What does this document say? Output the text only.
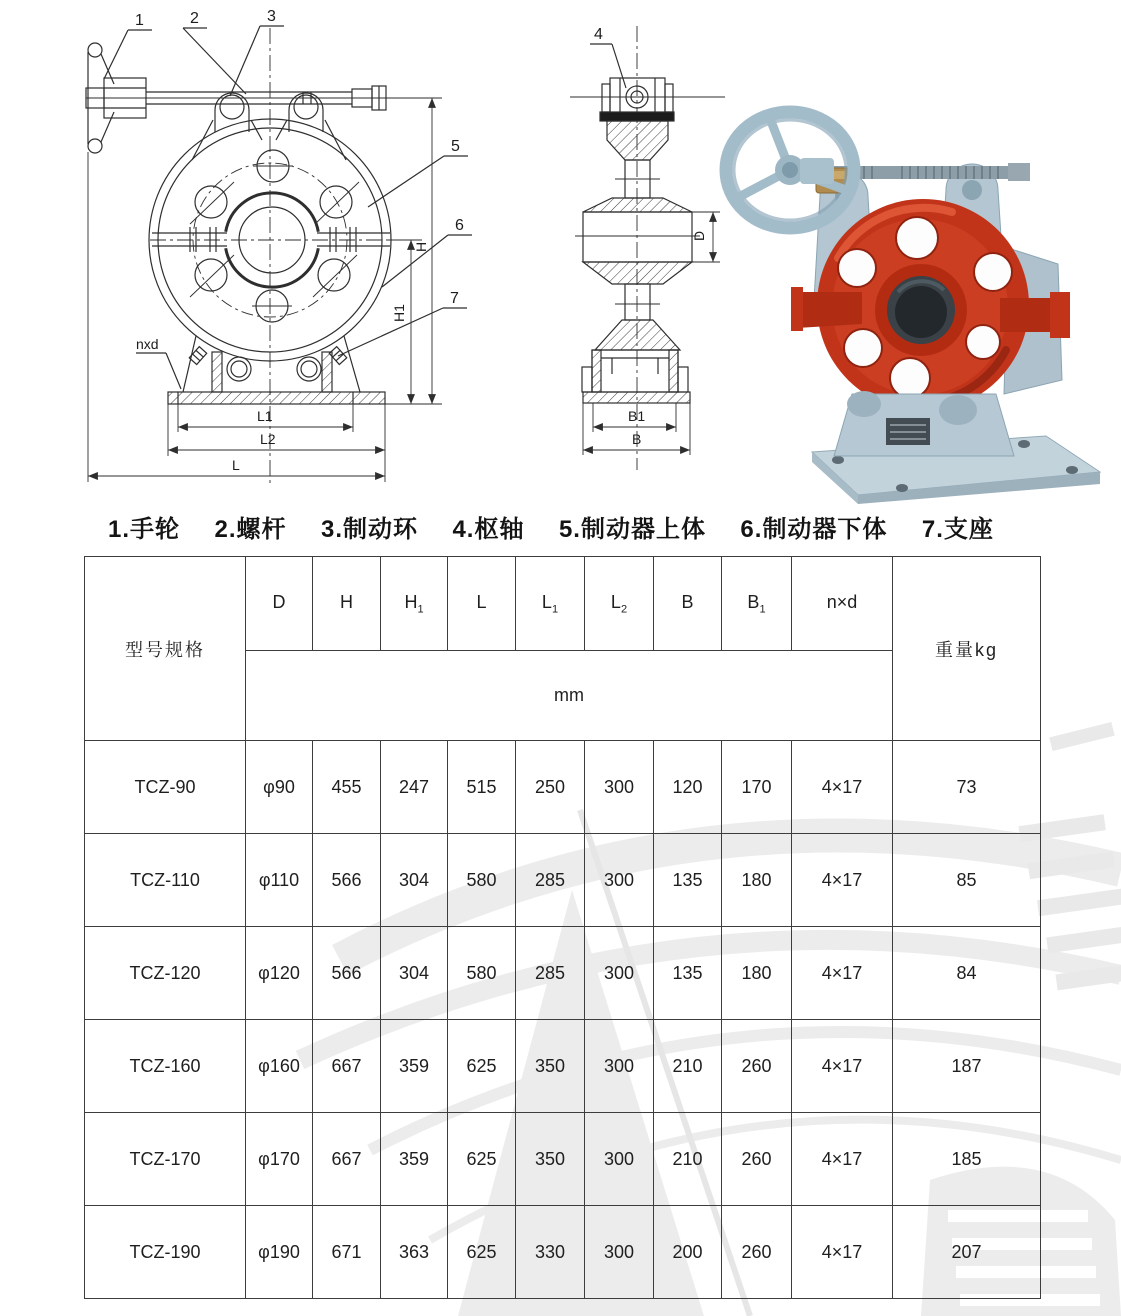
1	2	3
5
6
7
nxd
L1
L2
L
H1
H
4
D
B1
B
1.手轮 2.螺杆 3.制动环 4.枢轴 5.制动器上体 6.制动器下体 7.支座
型号规格	D	H	$H_1$	L	$L_1$	$L_2$	B	$B_1$	n×d	重量kg
	mm									
TCZ-90	φ90	455	247	515	250	300	120	170	4×17	73
TCZ-110	φ110	566	304	580	285	300	135	180	4×17	85
TCZ-120	φ120	566	304	580	285	300	135	180	4×17	84
TCZ-160	φ160	667	359	625	350	300	210	260	4×17	187
TCZ-170	φ170	667	359	625	350	300	210	260	4×17	185
TCZ-190	φ190	671	363	625	330	300	200	260	4×17	207
